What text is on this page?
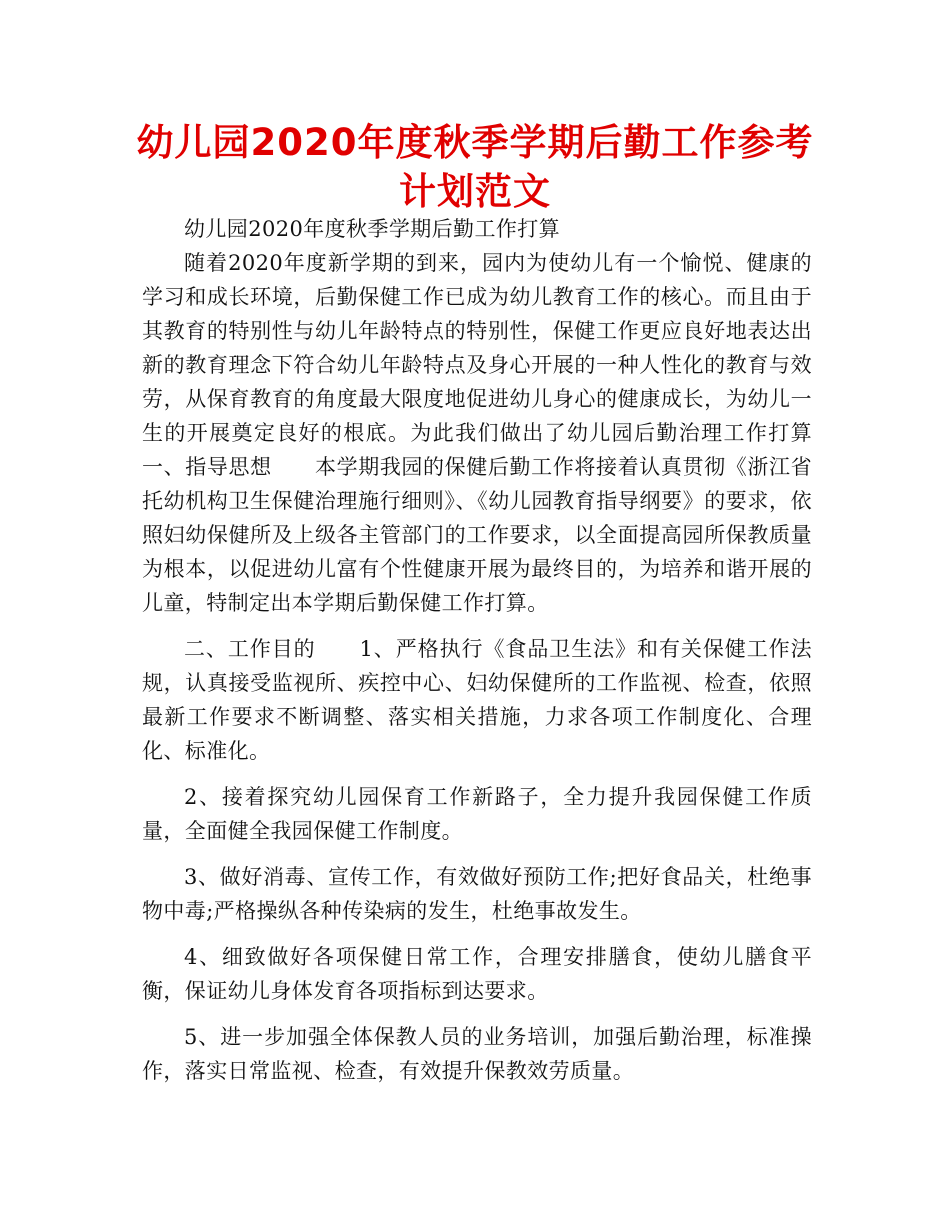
幼儿园2020年度秋季学期后勤工作参考计划范文

幼儿园2020年度秋季学期后勤工作打算

随着2020年度新学期的到来，园内为使幼儿有一个愉悦、健康的学习和成长环境，后勤保健工作已成为幼儿教育工作的核心。而且由于其教育的特别性与幼儿年龄特点的特别性，保健工作更应良好地表达出新的教育理念下符合幼儿年龄特点及身心开展的一种人性化的教育与效劳，从保育教育的角度最大限度地促进幼儿身心的健康成长，为幼儿一生的开展奠定良好的根底。为此我们做出了幼儿园后勤治理工作打算　　一、指导思想　　本学期我园的保健后勤工作将接着认真贯彻《浙江省托幼机构卫生保健治理施行细则》、《幼儿园教育指导纲要》的要求，依照妇幼保健所及上级各主管部门的工作要求，以全面提高园所保教质量为根本，以促进幼儿富有个性健康开展为最终目的，为培养和谐开展的儿童，特制定出本学期后勤保健工作打算。

二、工作目的　　1、严格执行《食品卫生法》和有关保健工作法规，认真接受监视所、疾控中心、妇幼保健所的工作监视、检查，依照最新工作要求不断调整、落实相关措施，力求各项工作制度化、合理化、标准化。

2、接着探究幼儿园保育工作新路子，全力提升我园保健工作质量，全面健全我园保健工作制度。

3、做好消毒、宣传工作，有效做好预防工作;把好食品关，杜绝事物中毒;严格操纵各种传染病的发生，杜绝事故发生。

4、细致做好各项保健日常工作，合理安排膳食，使幼儿膳食平衡，保证幼儿身体发育各项指标到达要求。

5、进一步加强全体保教人员的业务培训，加强后勤治理，标准操作，落实日常监视、检查，有效提升保教效劳质量。
